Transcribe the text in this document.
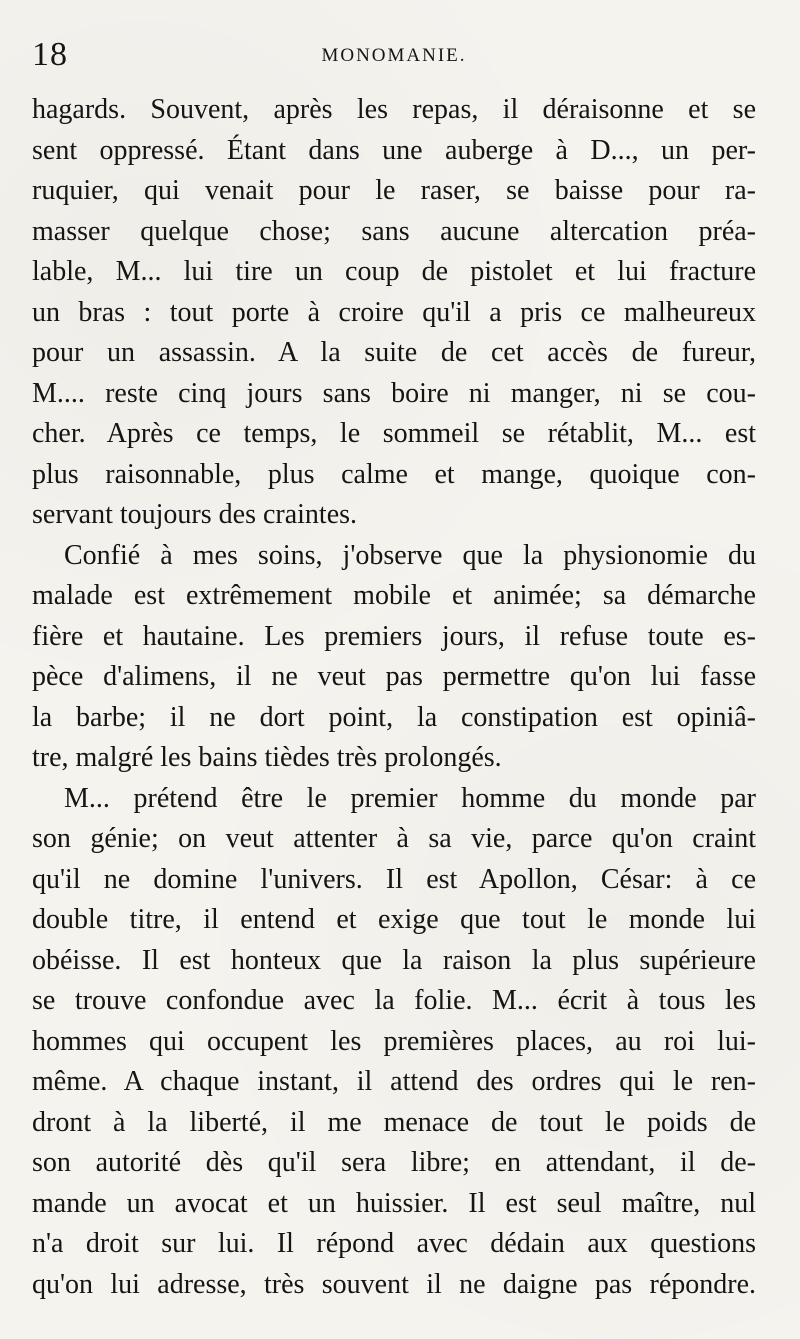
18	MONOMANIE.
hagards. Souvent, après les repas, il déraisonne et se
sent oppressé. Étant dans une auberge à D..., un per-
ruquier, qui venait pour le raser, se baisse pour ra-
masser quelque chose; sans aucune altercation préa-
lable, M... lui tire un coup de pistolet et lui fracture
un bras : tout porte à croire qu'il a pris ce malheureux
pour un assassin. A la suite de cet accès de fureur,
M.... reste cinq jours sans boire ni manger, ni se cou-
cher. Après ce temps, le sommeil se rétablit, M... est
plus raisonnable, plus calme et mange, quoique con-
servant toujours des craintes.
Confié à mes soins, j'observe que la physionomie du
malade est extrêmement mobile et animée; sa démarche
fière et hautaine. Les premiers jours, il refuse toute es-
pèce d'alimens, il ne veut pas permettre qu'on lui fasse
la barbe; il ne dort point, la constipation est opiniâ-
tre, malgré les bains tièdes très prolongés.
M... prétend être le premier homme du monde par
son génie; on veut attenter à sa vie, parce qu'on craint
qu'il ne domine l'univers. Il est Apollon, César: à ce
double titre, il entend et exige que tout le monde lui
obéisse. Il est honteux que la raison la plus supérieure
se trouve confondue avec la folie. M... écrit à tous les
hommes qui occupent les premières places, au roi lui-
même. A chaque instant, il attend des ordres qui le ren-
dront à la liberté, il me menace de tout le poids de
son autorité dès qu'il sera libre; en attendant, il de-
mande un avocat et un huissier. Il est seul maître, nul
n'a droit sur lui. Il répond avec dédain aux questions
qu'on lui adresse, très souvent il ne daigne pas répondre.
